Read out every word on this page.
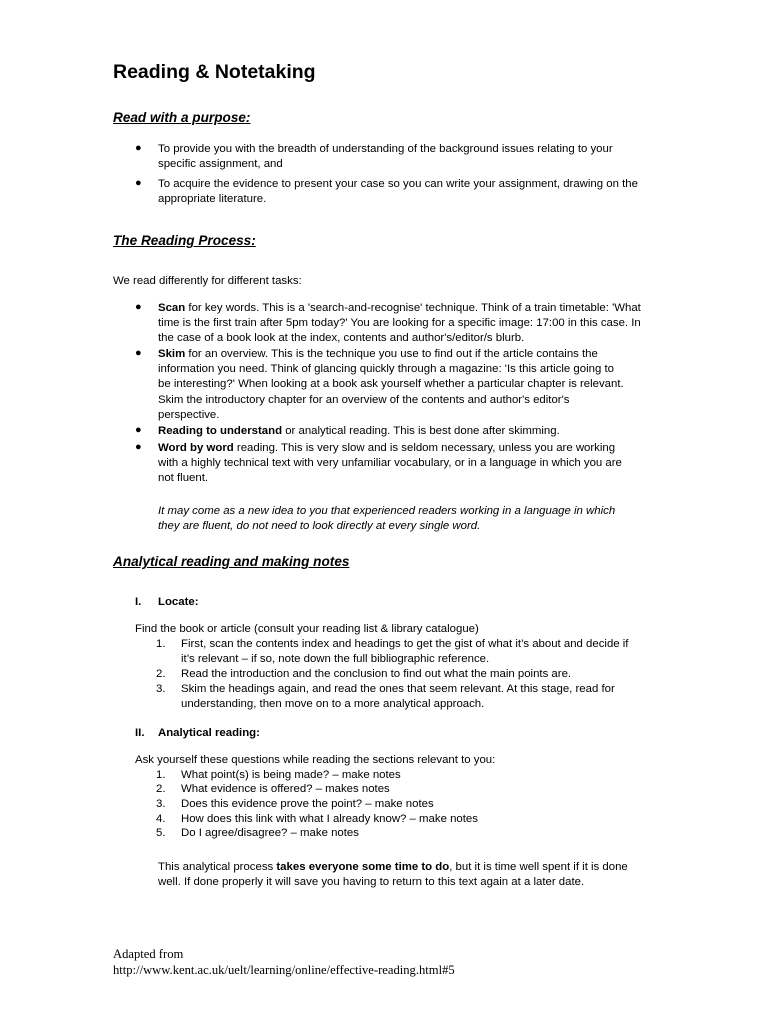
Reading & Notetaking
Read with a purpose:
● To provide you with the breadth of understanding of the background issues relating to your specific assignment, and
● To acquire the evidence to present your case so you can write your assignment, drawing on the appropriate literature.
The Reading Process:
We read differently for different tasks:
● Scan for key words. This is a 'search-and-recognise' technique. Think of a train timetable: 'What time is the first train after 5pm today?' You are looking for a specific image: 17:00 in this case. In the case of a book look at the index, contents and author's/editor/s blurb.
● Skim for an overview. This is the technique you use to find out if the article contains the information you need. Think of glancing quickly through a magazine: 'Is this article going to be interesting?' When looking at a book ask yourself whether a particular chapter is relevant. Skim the introductory chapter for an overview of the contents and author's editor's perspective.
● Reading to understand or analytical reading. This is best done after skimming.
● Word by word reading. This is very slow and is seldom necessary, unless you are working with a highly technical text with very unfamiliar vocabulary, or in a language in which you are not fluent.
It may come as a new idea to you that experienced readers working in a language in which they are fluent, do not need to look directly at every single word.
Analytical reading and making notes
I. Locate:
Find the book or article (consult your reading list & library catalogue)
1. First, scan the contents index and headings to get the gist of what it’s about and decide if it’s relevant – if so, note down the full bibliographic reference.
2. Read the introduction and the conclusion to find out what the main points are.
3. Skim the headings again, and read the ones that seem relevant. At this stage, read for understanding, then move on to a more analytical approach.
II. Analytical reading:
Ask yourself these questions while reading the sections relevant to you:
1. What point(s) is being made? – make notes
2. What evidence is offered? – makes notes
3. Does this evidence prove the point? – make notes
4. How does this link with what I already know? – make notes
5. Do I agree/disagree? – make notes
This analytical process takes everyone some time to do, but it is time well spent if it is done well. If done properly it will save you having to return to this text again at a later date.
Adapted from
http://www.kent.ac.uk/uelt/learning/online/effective-reading.html#5
